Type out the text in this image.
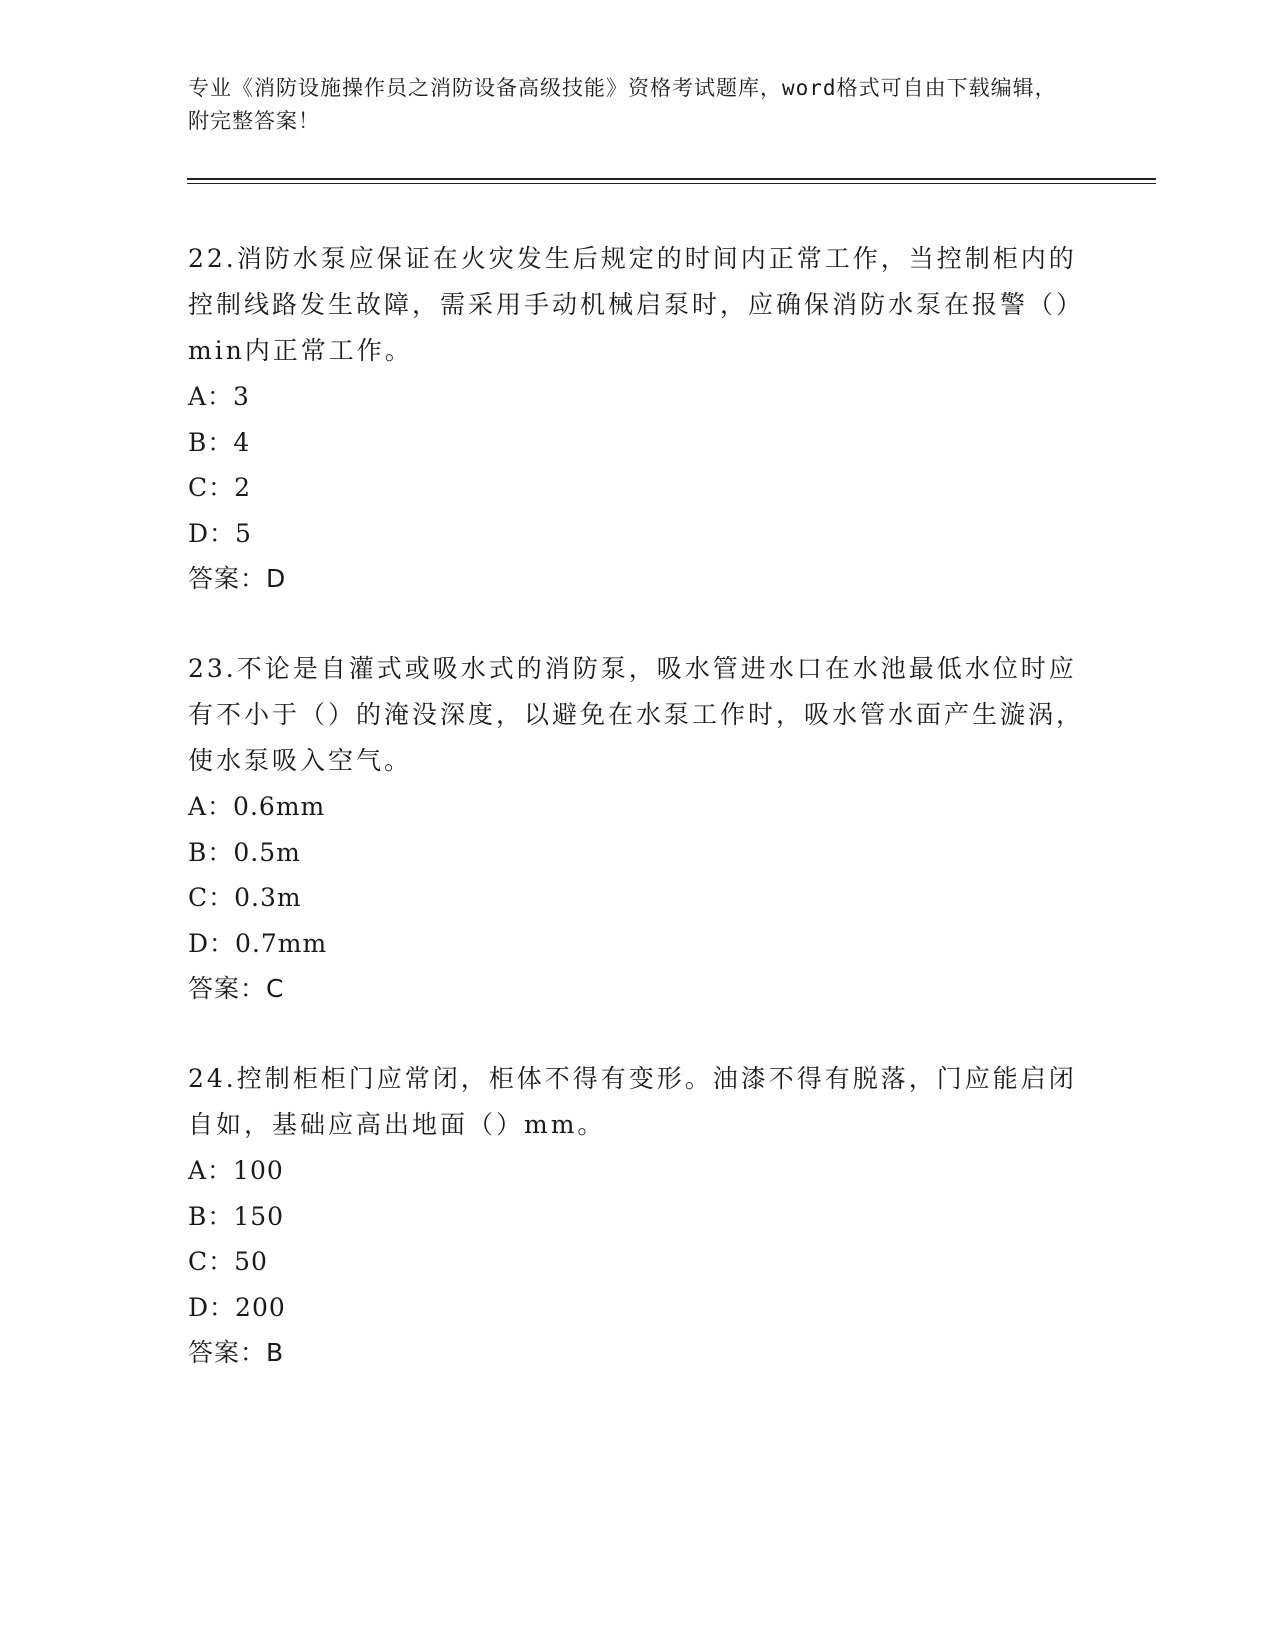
专业《消防设施操作员之消防设备高级技能》资格考试题库，word格式可自由下载编辑，附完整答案！

22.消防水泵应保证在火灾发生后规定的时间内正常工作，当控制柜内的控制线路发生故障，需采用手动机械启泵时，应确保消防水泵在报警（）min内正常工作。

A：3

B：4

C：2

D：5

答案：D

23.不论是自灌式或吸水式的消防泵，吸水管进水口在水池最低水位时应有不小于（）的淹没深度，以避免在水泵工作时，吸水管水面产生漩涡，使水泵吸入空气。

A：0.6mm

B：0.5m

C：0.3m

D：0.7mm

答案：C

24.控制柜柜门应常闭，柜体不得有变形。油漆不得有脱落，门应能启闭自如，基础应高出地面（）mm。

A：100

B：150

C：50

D：200

答案：B
